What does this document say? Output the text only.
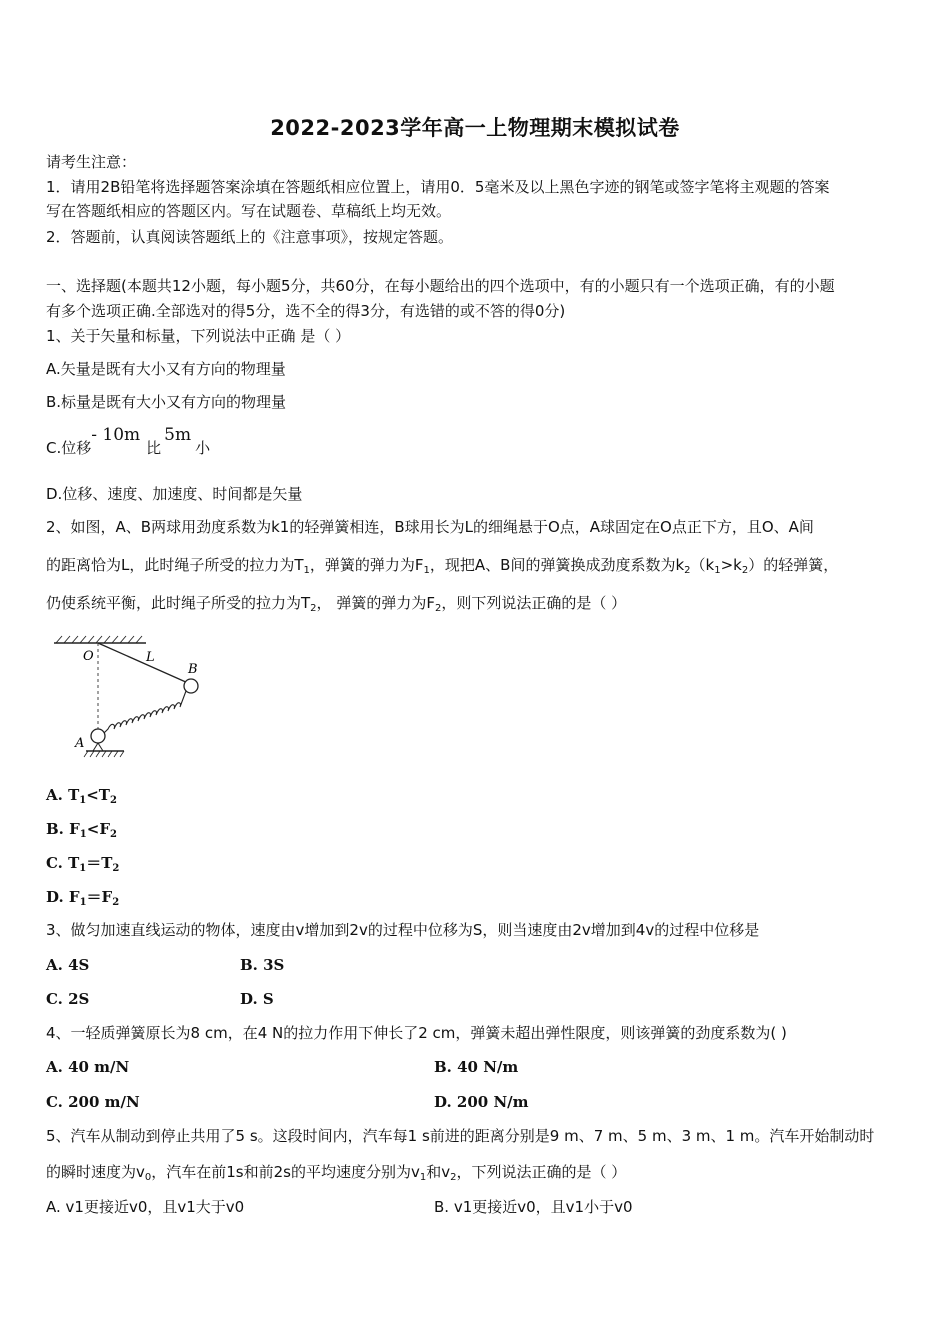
2022-2023学年高一上物理期末模拟试卷
请考生注意：
1．请用2B铅笔将选择题答案涂填在答题纸相应位置上，请用0．5毫米及以上黑色字迹的钢笔或签字笔将主观题的答案
写在答题纸相应的答题区内。写在试题卷、草稿纸上均无效。
2．答题前，认真阅读答题纸上的《注意事项》，按规定答题。
一、选择题(本题共12小题，每小题5分，共60分，在每小题给出的四个选项中，有的小题只有一个选项正确，有的小题
有多个选项正确.全部选对的得5分，选不全的得3分，有选错的或不答的得0分)
1、关于矢量和标量，下列说法中正确 是（ ）
A.矢量是既有大小又有方向的物理量
B.标量是既有大小又有方向的物理量
C.位移- 10m比5m小
D.位移、速度、加速度、时间都是矢量
2、如图，A、B两球用劲度系数为k1的轻弹簧相连，B球用长为L的细绳悬于O点，A球固定在O点正下方，且O、A间
的距离恰为L，此时绳子所受的拉力为$T_1$，弹簧的弹力为$F_1$，现把A、B间的弹簧换成劲度系数为$k_2(k_1>k_2)$的轻弹簧，
仍使系统平衡，此时绳子所受的拉力为$T_2$， 弹簧的弹力为$F_2$，则下列说法正确的是（ ）
O	L
B
A
A. $T_1<T_2$
B. $F_1<F_2$
C. $T_1=T_2$
D. $F_1=F_2$
3、做匀加速直线运动的物体，速度由v增加到2v的过程中位移为S，则当速度由2v增加到4v的过程中位移是
A. 4S	B. 3S
C. 2S	D. S
4、一轻质弹簧原长为8 cm，在4 N的拉力作用下伸长了2 cm，弹簧未超出弹性限度，则该弹簧的劲度系数为( )
A. 40 m/N	B. 40 N/m
C. 200 m/N	D. 200 N/m
5、汽车从制动到停止共用了5 s。这段时间内，汽车每1 s前进的距离分别是9 m、7 m、5 m、3 m、1 m。汽车开始制动时
的瞬时速度为$v_0$，汽车在前1s和前2s的平均速度分别为$v_1$和$v_2$，下列说法正确的是（ ）
A. v1更接近v0，且v1大于v0	B. v1更接近v0，且v1小于v0
